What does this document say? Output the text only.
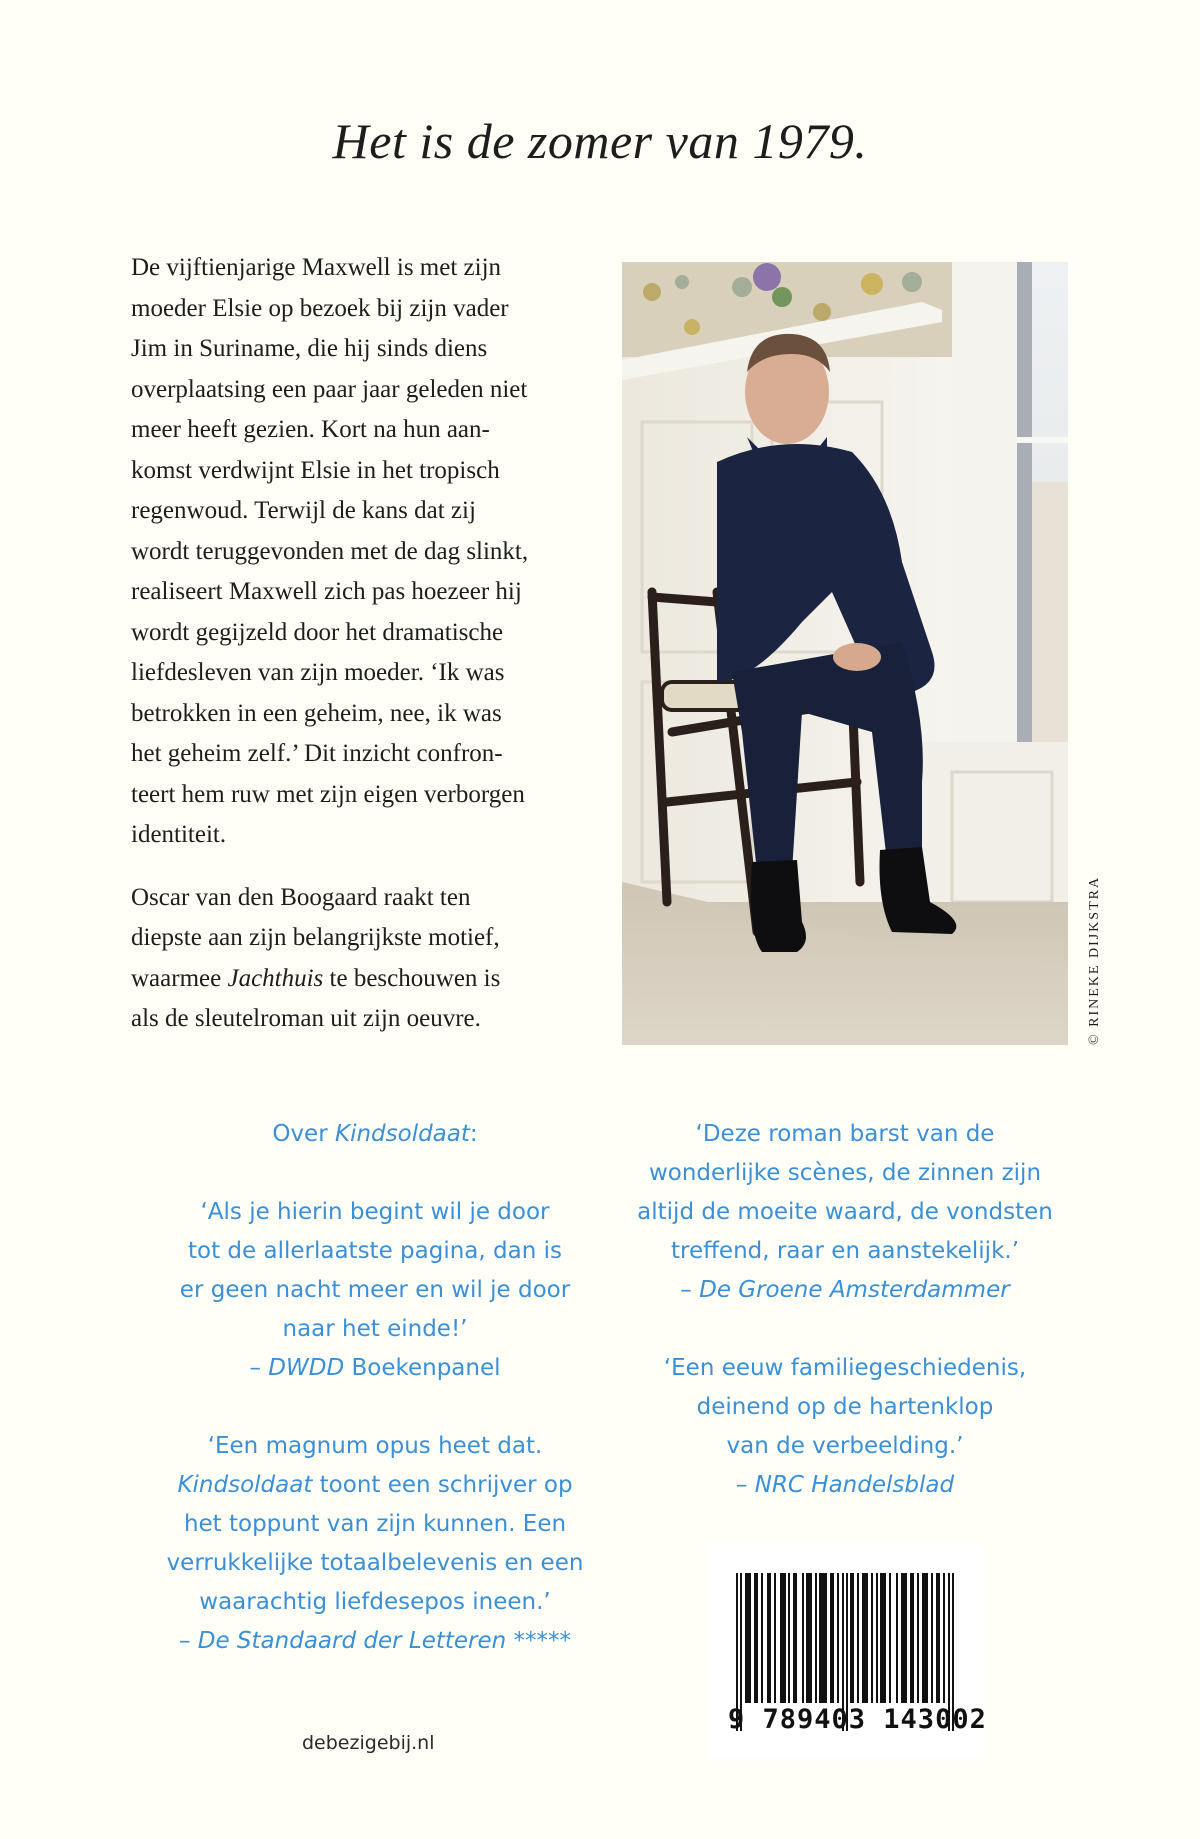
Het is de zomer van 1979.

De vijftienjarige Maxwell is met zijn
moeder Elsie op bezoek bij zijn vader
Jim in Suriname, die hij sinds diens
overplaatsing een paar jaar geleden niet
meer heeft gezien. Kort na hun aan-
komst verdwijnt Elsie in het tropisch
regenwoud. Terwijl de kans dat zij
wordt teruggevonden met de dag slinkt,
realiseert Maxwell zich pas hoezeer hij
wordt gegijzeld door het dramatische
liefdesleven van zijn moeder. ‘Ik was
betrokken in een geheim, nee, ik was
het geheim zelf.’ Dit inzicht confron-
teert hem ruw met zijn eigen verborgen
identiteit.

Oscar van den Boogaard raakt ten
diepste aan zijn belangrijkste motief,
waarmee Jachthuis te beschouwen is
als de sleutelroman uit zijn oeuvre.	© RINEKE DIJKSTRA
Over Kindsoldaat:
‘Als je hierin begint wil je door
tot de allerlaatste pagina, dan is
er geen nacht meer en wil je door
naar het einde!’
– DWDD Boekenpanel
‘Een magnum opus heet dat.
Kindsoldaat toont een schrijver op
het toppunt van zijn kunnen. Een
verrukkelijke totaalbelevenis en een
waarachtig liefdesepos ineen.’
– De Standaard der Letteren *****
‘Deze roman barst van de
wonderlijke scènes, de zinnen zijn
altijd de moeite waard, de vondsten
treffend, raar en aanstekelijk.’
– De Groene Amsterdammer
‘Een eeuw familiegeschiedenis,
deinend op de hartenklop
van de verbeelding.’
– NRC Handelsblad
debezigebij.nl
9 789403 143002
